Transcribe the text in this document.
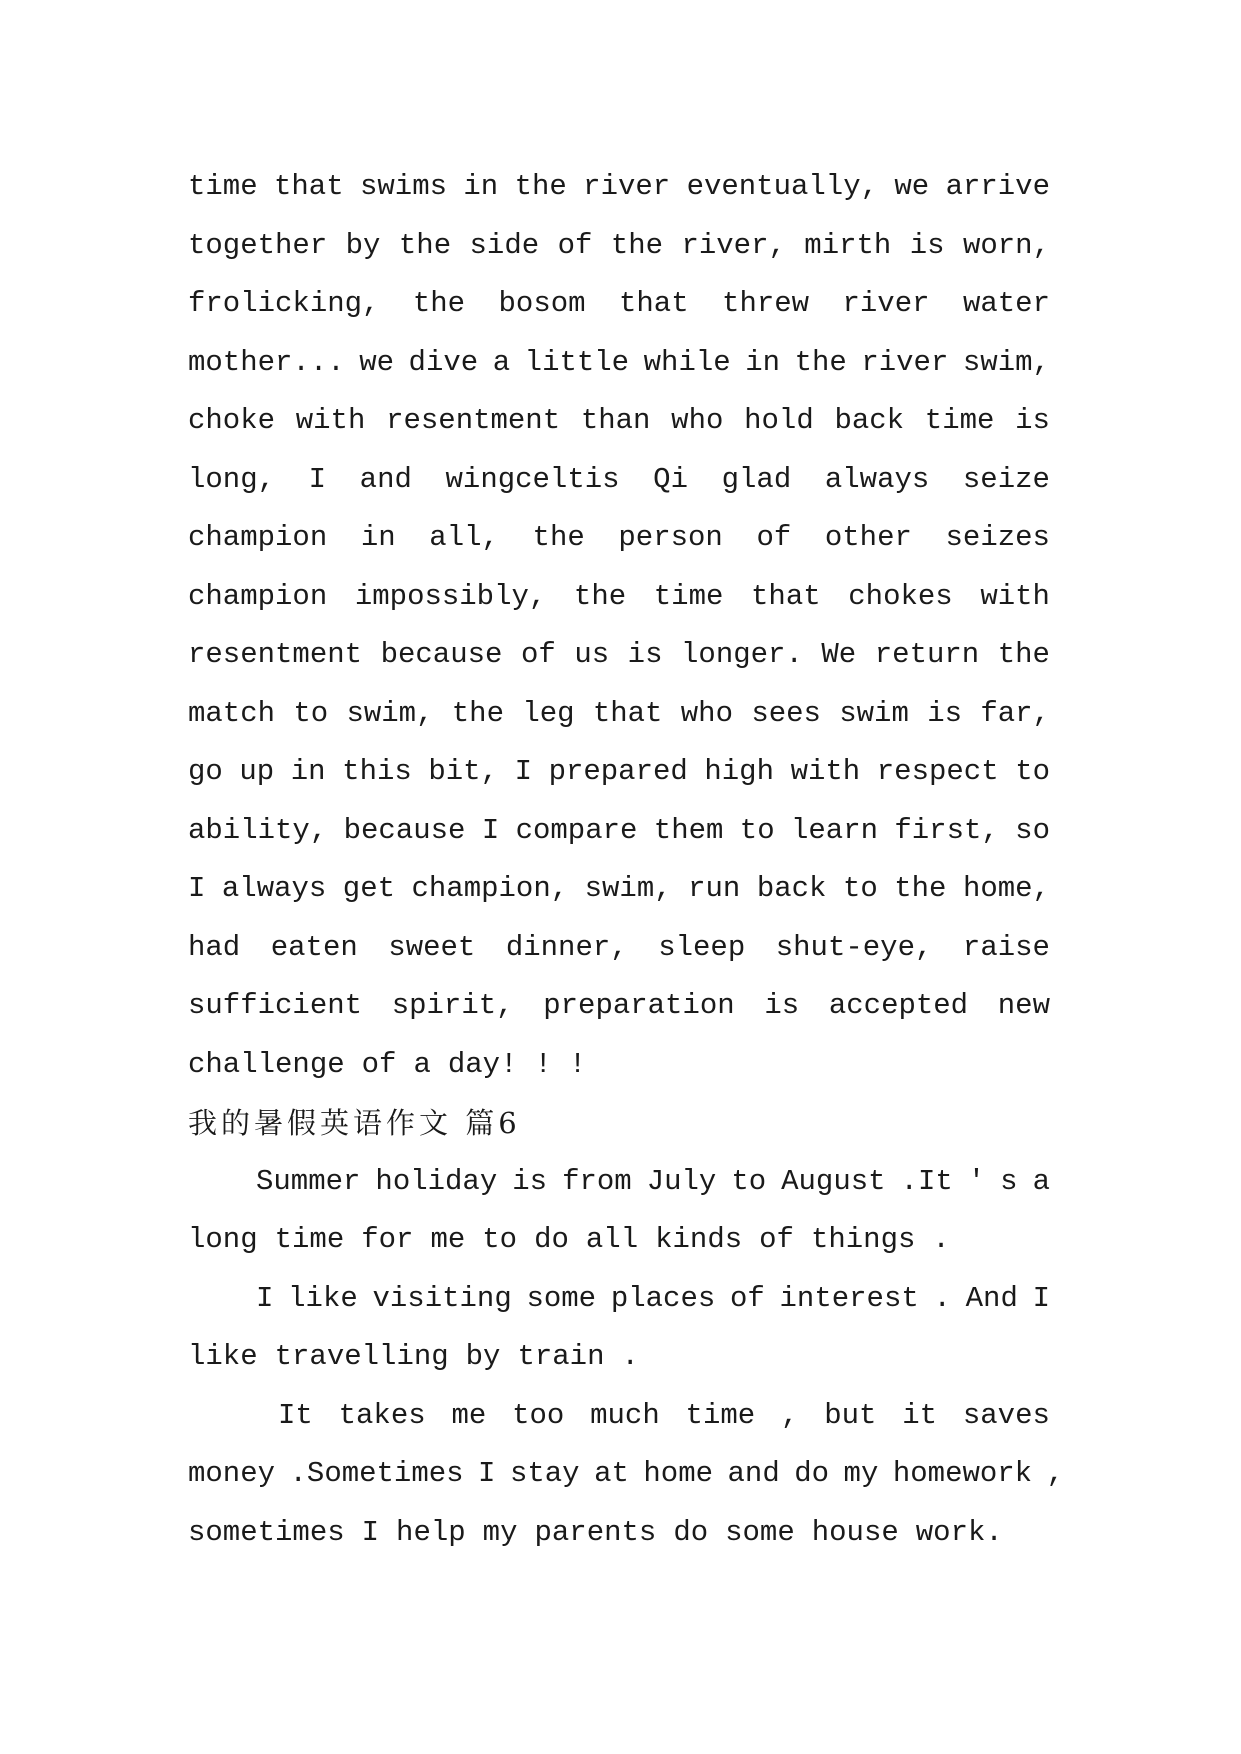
time that swims in the river eventually, we arrive
together by the side of the river, mirth is worn,
frolicking, the bosom that threw river water
mother... we dive a little while in the river swim,
choke with resentment than who hold back time is
long, I and wingceltis Qi glad always seize
champion in all, the person of other seizes
champion impossibly, the time that chokes with
resentment because of us is longer. We return the
match to swim, the leg that who sees swim is far,
go up in this bit, I prepared high with respect to
ability, because I compare them to learn first, so
I always get champion, swim, run back to the home,
had eaten sweet dinner, sleep shut-eye, raise
sufficient spirit, preparation is accepted new
challenge of a day! ! !
我的暑假英语作文 篇6
Summer holiday is from July to August .It ' s a
long time for me to do all kinds of things .
I like visiting some places of interest . And I
like travelling by train .
It takes me too much time , but it saves
money .Sometimes I stay at home and do my homework ,
sometimes I help my parents do some house work.
